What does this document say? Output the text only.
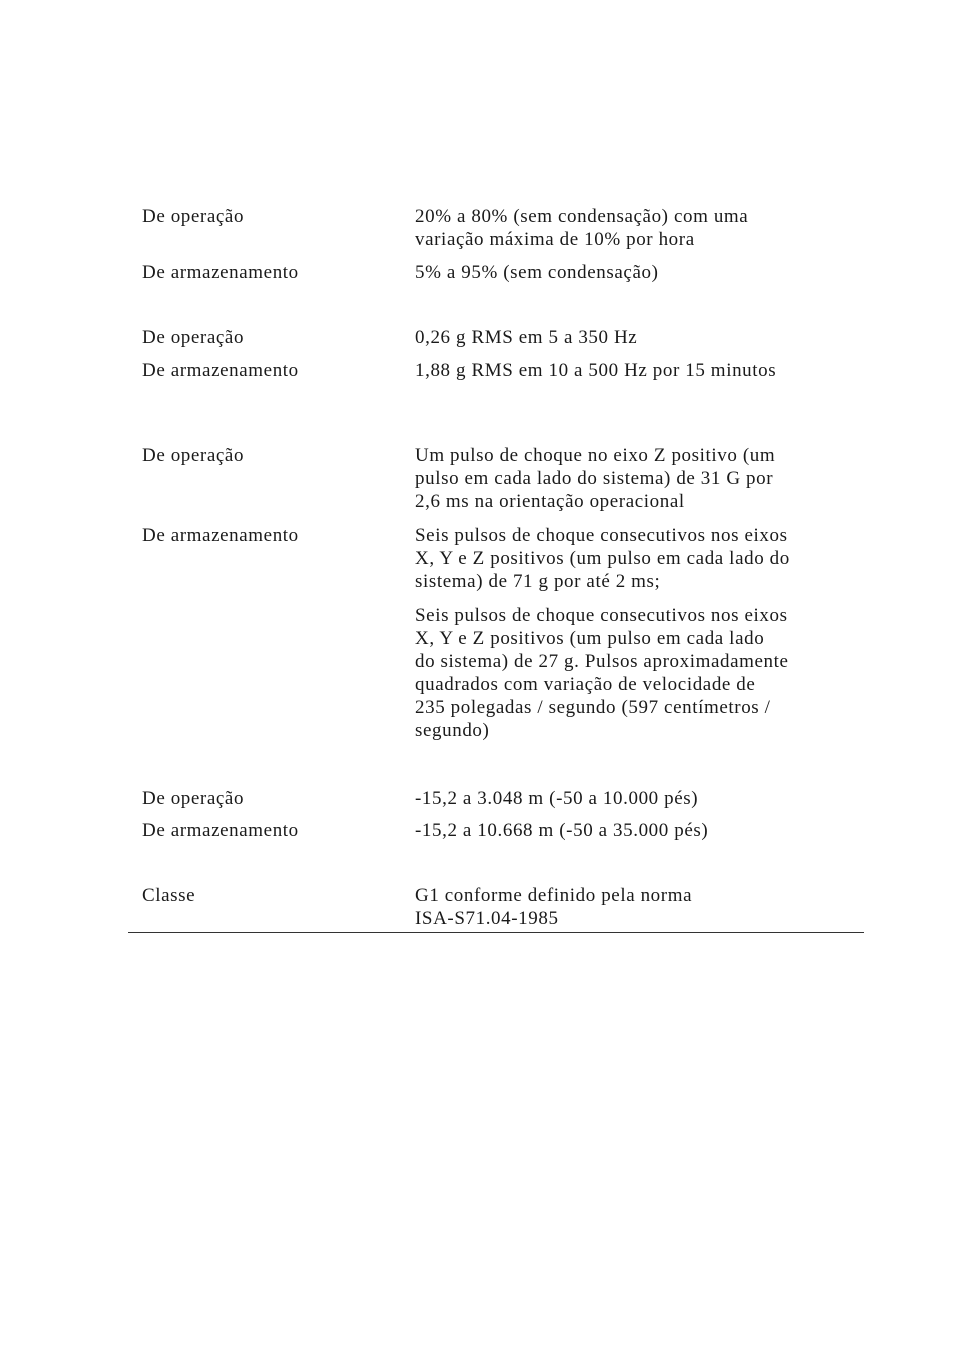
De operação	20% a 80% (sem condensação) com uma
variação máxima de 10% por hora
De armazenamento	5% a 95% (sem condensação)
De operação	0,26 g RMS em 5 a 350 Hz
De armazenamento	1,88 g RMS em 10 a 500 Hz por 15 minutos
De operação	Um pulso de choque no eixo Z positivo (um
pulso em cada lado do sistema) de 31 G por
2,6 ms na orientação operacional
De armazenamento	Seis pulsos de choque consecutivos nos eixos
X, Y e Z positivos (um pulso em cada lado do
sistema) de 71 g por até 2 ms;
Seis pulsos de choque consecutivos nos eixos
X, Y e Z positivos (um pulso em cada lado
do sistema) de 27 g. Pulsos aproximadamente
quadrados com variação de velocidade de
235 polegadas / segundo (597 centímetros /
segundo)
De operação	-15,2 a 3.048 m (-50 a 10.000 pés)
De armazenamento	-15,2 a 10.668 m (-50 a 35.000 pés)
Classe	G1 conforme definido pela norma
ISA-S71.04-1985
